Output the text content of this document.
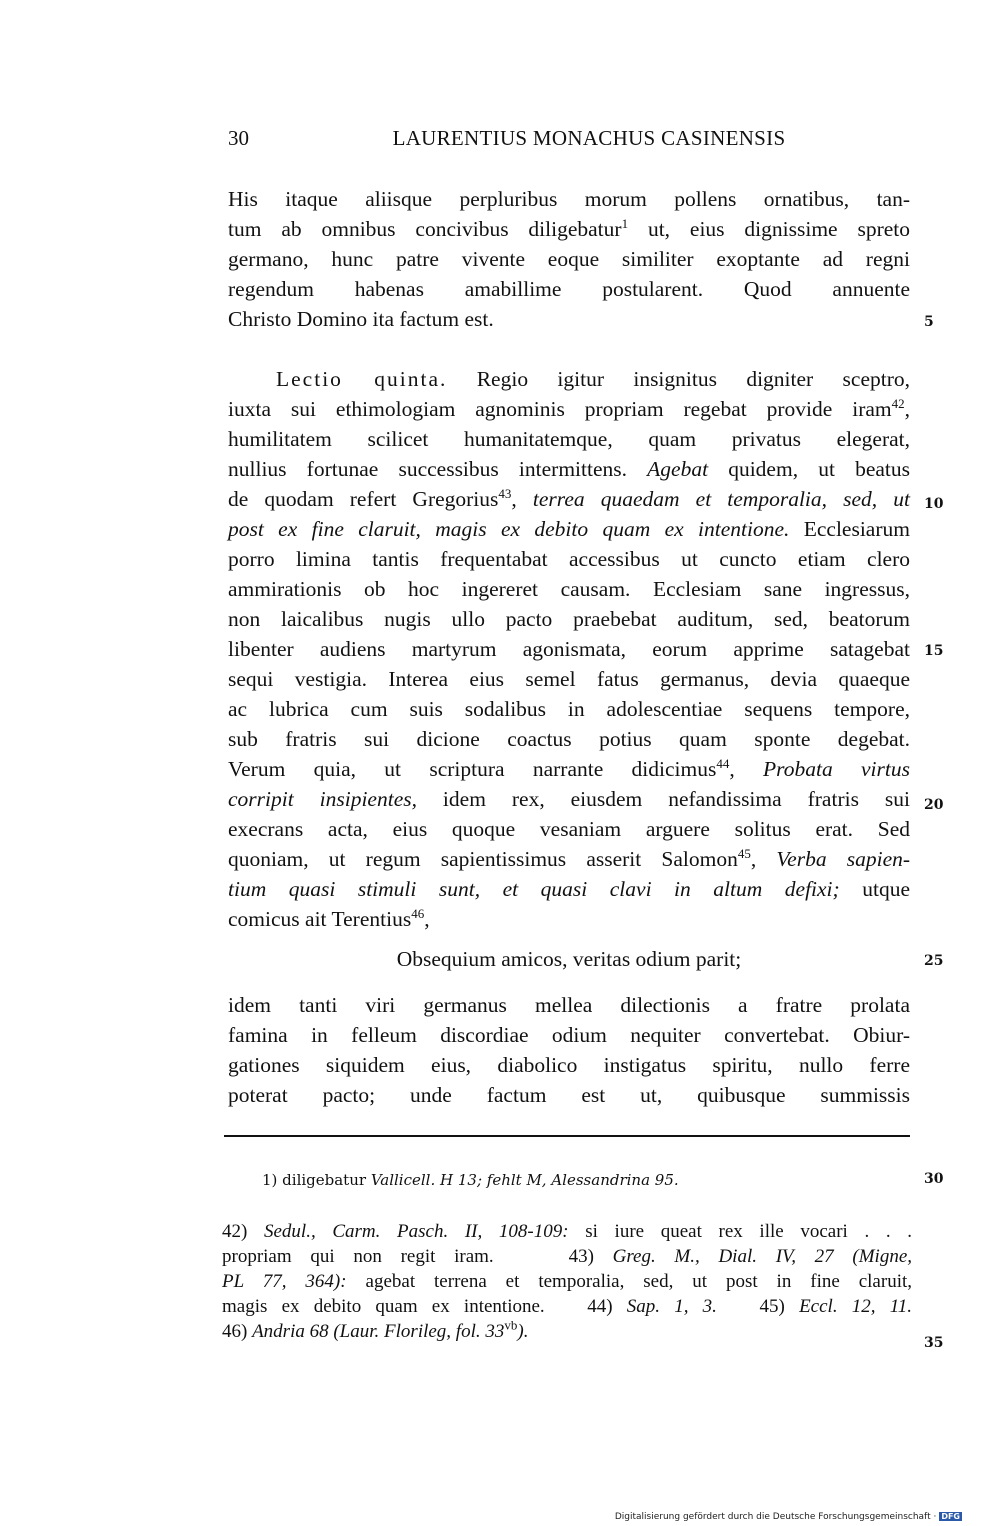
30	LAURENTIUS MONACHUS CASINENSIS
His itaque aliisque perpluribus morum pollens ornatibus, tan-
tum ab omnibus concivibus diligebatur$^1$ ut, eius dignissime spreto
germano, hunc patre vivente eoque similiter exoptante ad regni
regendum habenas amabillime postularent. Quod annuente
Christo Domino ita factum est.	5
Lectio quinta. Regio igitur insignitus digniter sceptro,
iuxta sui ethimologiam agnominis propriam regebat provide iram$^{42}$,
humilitatem scilicet humanitatemque, quam privatus elegerat,
nullius fortunae successibus intermittens. Agebat quidem, ut beatus
de quodam refert Gregorius$^{43}$, terrea quaedam et temporalia, sed, ut 10
post ex fine claruit, magis ex debito quam ex intentione. Ecclesiarum
porro limina tantis frequentabat accessibus ut cuncto etiam clero
ammirationis ob hoc ingereret causam. Ecclesiam sane ingressus,
non laicalibus nugis ullo pacto praebebat auditum, sed, beatorum
libenter audiens martyrum agonismata, eorum apprime satagebat 15
sequi vestigia. Interea eius semel fatus germanus, devia quaeque
ac lubrica cum suis sodalibus in adolescentiae sequens tempore,
sub fratris sui dicione coactus potius quam sponte degebat.
Verum quia, ut scriptura narrante didicimus$^{44}$, Probata virtus
corripit insipientes, idem rex, eiusdem nefandissima fratris sui 20
execrans acta, eius quoque vesaniam arguere solitus erat. Sed
quoniam, ut regum sapientissimus asserit Salomon$^{45}$, Verba sapien-
tium quasi stimuli sunt, et quasi clavi in altum defixi; utque
comicus ait Terentius$^{46}$,
Obsequium amicos, veritas odium parit;	25
idem tanti viri germanus mellea dilectionis a fratre prolata
famina in felleum discordiae odium nequiter convertebat. Obiur-
gationes siquidem eius, diabolico instigatus spiritu, nullo ferre
poterat pacto; unde factum est ut, quibusque summissis
1) diligebatur Vallicell. H 13; fehlt M, Alessandrina 95.	30
42) Sedul., Carm. Pasch. II, 108-109: si iure queat rex ille vocari . . .
propriam qui non regit iram.	43) Greg. M., Dial. IV, 27 (Migne,
PL 77, 364): agebat terrena et temporalia, sed, ut post in fine claruit,
magis ex debito quam ex intentione. 44) Sap. 1, 3. 45) Eccl. 12, 11.
46) Andria 68 (Laur. Florileg, fol. $33^{vb}$).
35
Digitalisierung gefördert durch die Deutsche Forschungsgemeinschaft · DFG
